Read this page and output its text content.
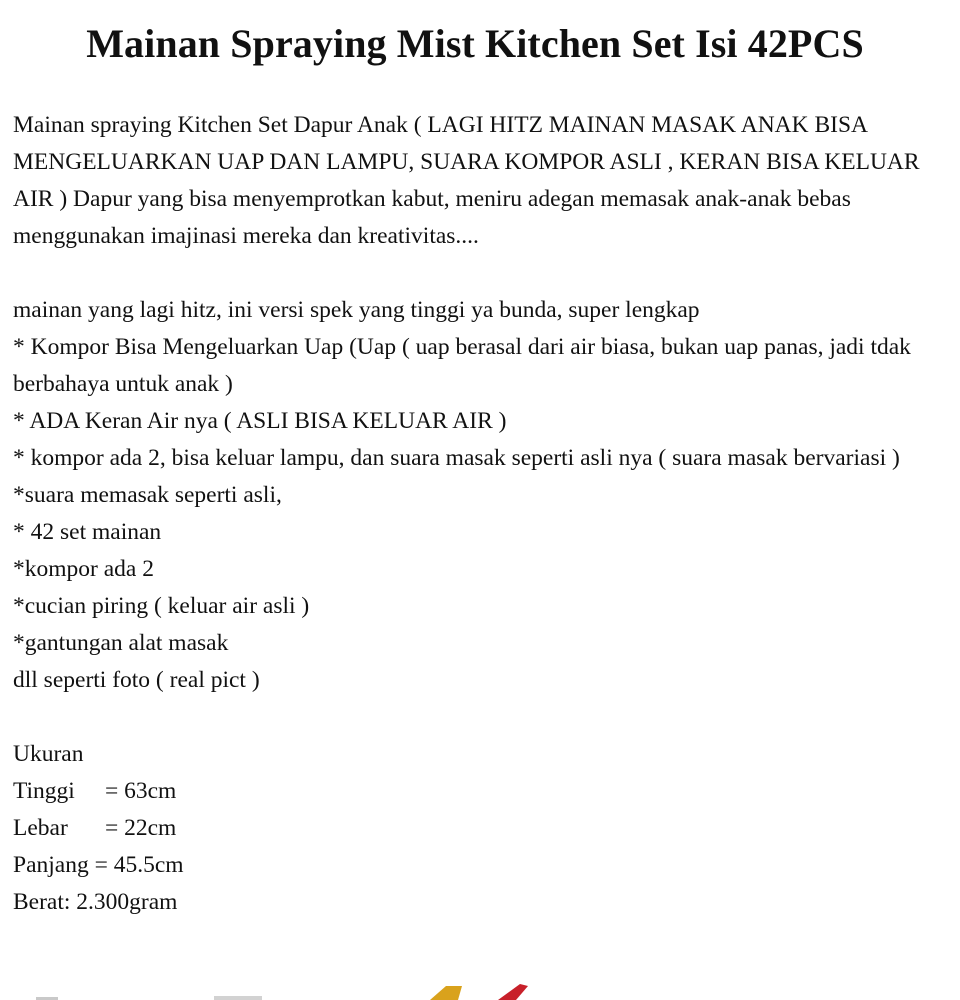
Mainan Spraying Mist Kitchen Set Isi 42PCS

Mainan spraying Kitchen Set Dapur Anak ( LAGI HITZ MAINAN MASAK ANAK BISA MENGELUARKAN UAP DAN LAMPU, SUARA KOMPOR ASLI , KERAN BISA KELUAR AIR ) Dapur yang bisa menyemprotkan kabut, meniru adegan memasak anak-anak bebas menggunakan imajinasi mereka dan kreativitas....

mainan yang lagi hitz, ini versi spek yang tinggi ya bunda, super lengkap
* Kompor Bisa Mengeluarkan Uap (Uap ( uap berasal dari air biasa, bukan uap panas, jadi tdak berbahaya untuk anak )
* ADA Keran Air nya ( ASLI BISA KELUAR AIR )
* kompor ada 2, bisa keluar lampu, dan suara masak seperti asli nya ( suara masak bervariasi )
*suara memasak seperti asli,
* 42 set mainan
*kompor ada 2
*cucian piring ( keluar air asli )
*gantungan alat masak
dll seperti foto ( real pict )
Ukuran
Tinggi = 63cm
Lebar = 22cm
Panjang = 45.5cm
Berat: 2.300gram
